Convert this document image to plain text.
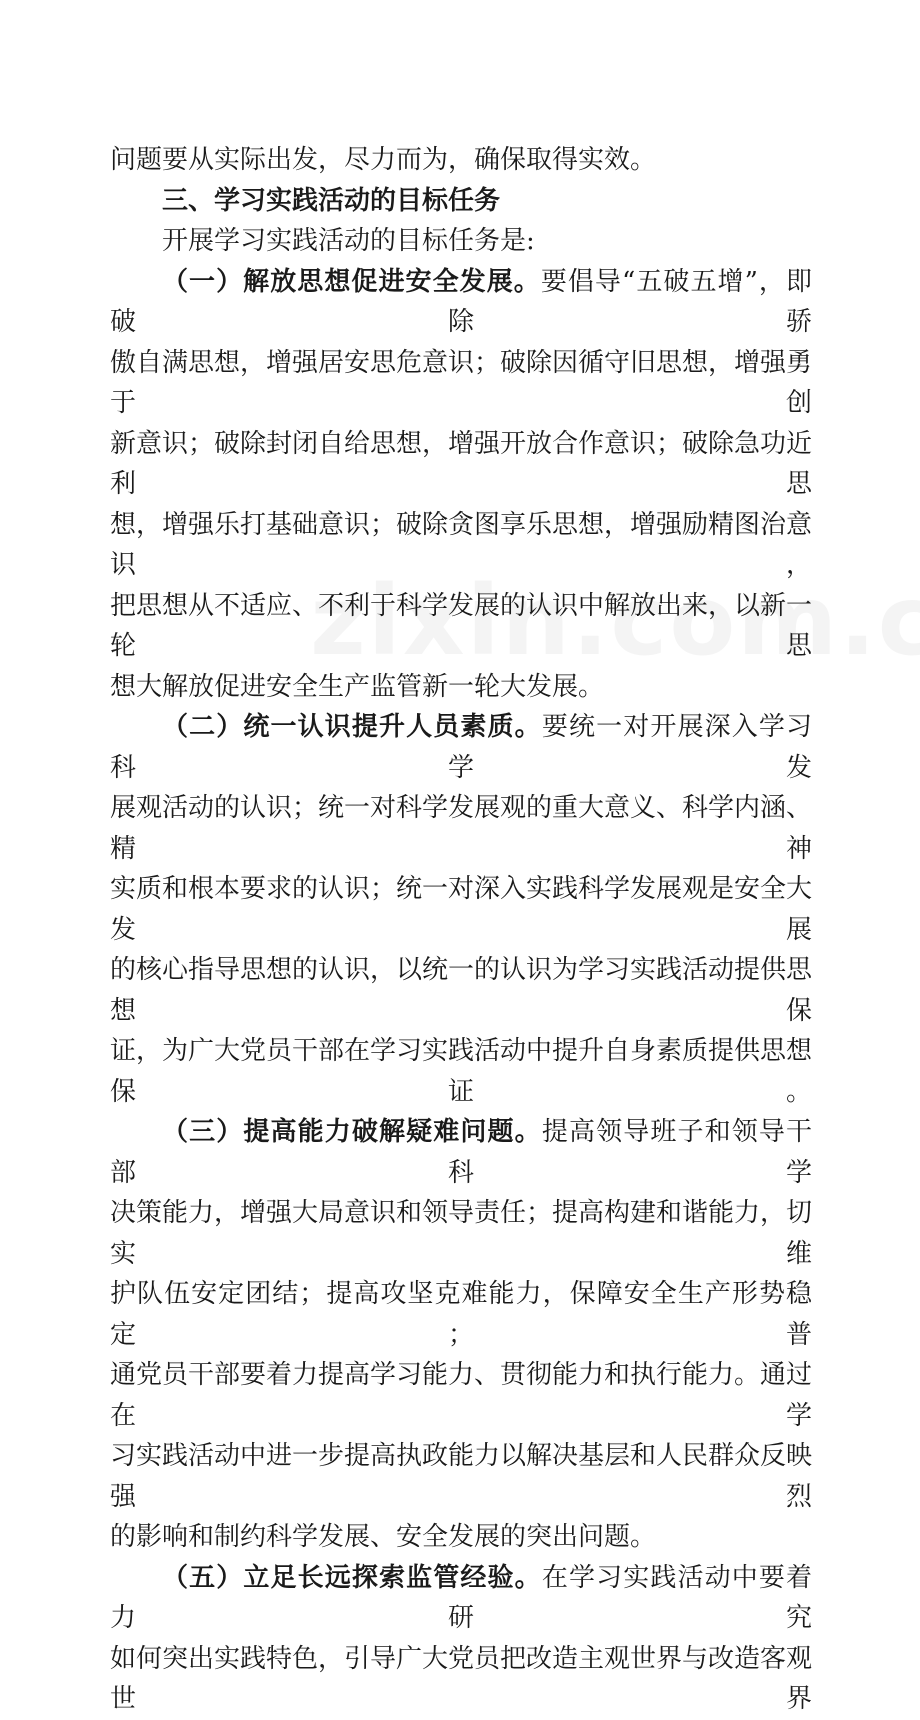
问题要从实际出发，尽力而为，确保取得实效。

三、学习实践活动的目标任务

开展学习实践活动的目标任务是:

（一）解放思想促进安全发展。要倡导“五破五增”，即破除骄

傲自满思想，增强居安思危意识；破除因循守旧思想，增强勇于创

新意识；破除封闭自给思想，增强开放合作意识；破除急功近利思

想，增强乐打基础意识；破除贪图享乐思想，增强励精图治意识，

把思想从不适应、不利于科学发展的认识中解放出来，以新一轮思

想大解放促进安全生产监管新一轮大发展。

（二）统一认识提升人员素质。要统一对开展深入学习科学发

展观活动的认识；统一对科学发展观的重大意义、科学内涵、精神

实质和根本要求的认识；统一对深入实践科学发展观是安全大发展

的核心指导思想的认识，以统一的认识为学习实践活动提供思想保

证，为广大党员干部在学习实践活动中提升自身素质提供思想保证。

（三）提高能力破解疑难问题。提高领导班子和领导干部科学

决策能力，增强大局意识和领导责任；提高构建和谐能力，切实维

护队伍安定团结；提高攻坚克难能力，保障安全生产形势稳定；普

通党员干部要着力提高学习能力、贯彻能力和执行能力。通过在学

习实践活动中进一步提高执政能力以解决基层和人民群众反映强烈

的影响和制约科学发展、安全发展的突出问题。

（五）立足长远探索监管经验。在学习实践活动中要着力研究

如何突出实践特色，引导广大党员把改造主观世界与改造客观世界
